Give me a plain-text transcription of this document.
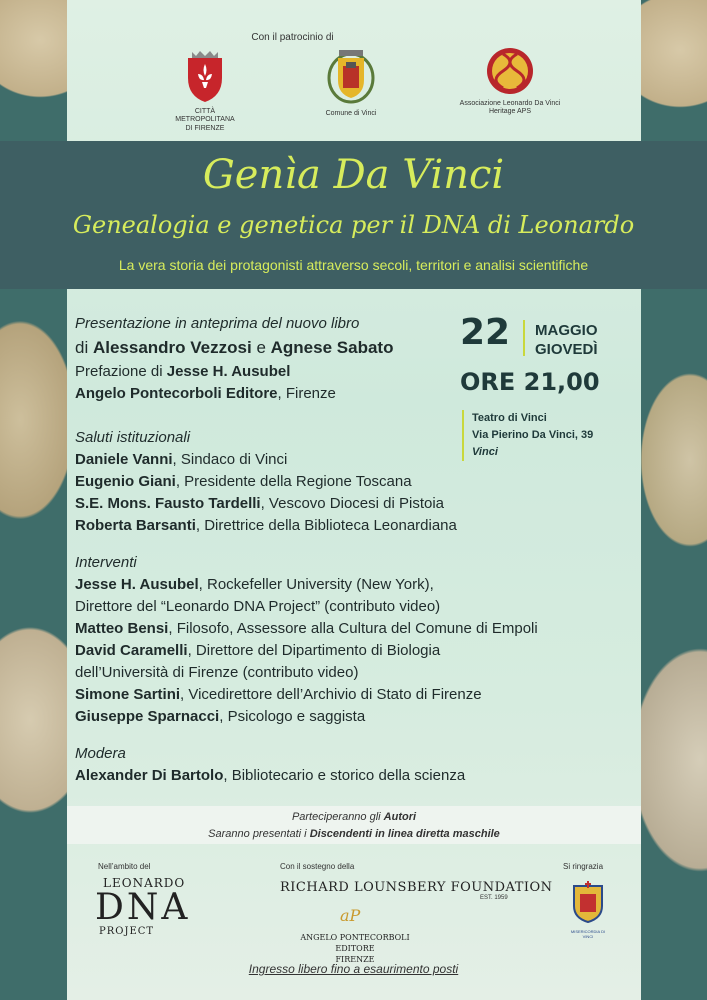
Con il patrocinio di
CITTÀ METROPOLITANA
DI FIRENZE
Comune di Vinci
Associazione Leonardo Da Vinci
Heritage APS
Genìa Da Vinci
Genealogia e genetica per il DNA di Leonardo
La vera storia dei protagonisti attraverso secoli, territori e analisi scientifiche
Presentazione in anteprima del nuovo libro
di Alessandro Vezzosi e Agnese Sabato
Prefazione di Jesse H. Ausubel
Angelo Pontecorboli Editore, Firenze
22 MAGGIO
GIOVEDÌ
ORE 21,00
Teatro di Vinci
Via Pierino Da Vinci, 39
Vinci
Saluti istituzionali
Daniele Vanni, Sindaco di Vinci
Eugenio Giani, Presidente della Regione Toscana
S.E. Mons. Fausto Tardelli, Vescovo Diocesi di Pistoia
Roberta Barsanti, Direttrice della Biblioteca Leonardiana
Interventi
Jesse H. Ausubel, Rockefeller University (New York),
Direttore del “Leonardo DNA Project” (contributo video)
Matteo Bensi, Filosofo, Assessore alla Cultura del Comune di Empoli
David Caramelli, Direttore del Dipartimento di Biologia
dell’Università di Firenze (contributo video)
Simone Sartini, Vicedirettore dell’Archivio di Stato di Firenze
Giuseppe Sparnacci, Psicologo e saggista
Modera
Alexander Di Bartolo, Bibliotecario e storico della scienza
Parteciperanno gli Autori
Saranno presentati i Discendenti in linea diretta maschile
Nell’ambito del
LEONARDO
DNA
PROJECT
Con il sostegno della
RICHARD LOUNSBERY FOUNDATION
EST. 1959
aP
ANGELO PONTECORBOLI EDITORE
FIRENZE
Si ringrazia
MISERICORDIA DI VINCI
Ingresso libero fino a esaurimento posti
